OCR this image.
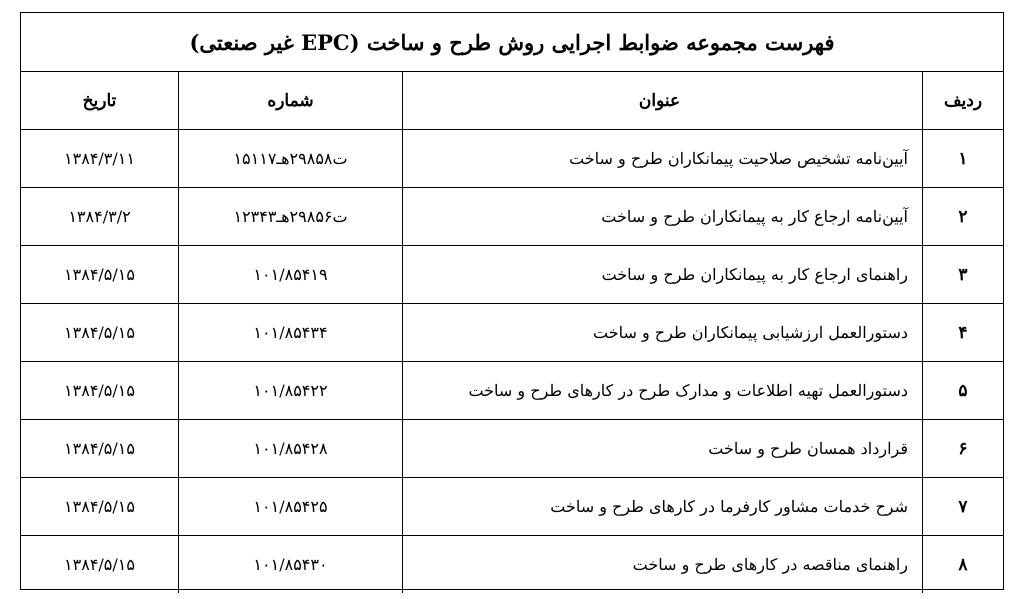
فهرست مجموعه ضوابط اجرایی روش طرح و ساخت (EPC غیر صنعتی)
ردیف	عنوان	شماره	تاریخ
۱	آیین‌نامه تشخیص صلاحیت پیمانکاران طرح و ساخت	۱۵۱۱۷ت۲۹۸۵۸هـ	۱۳۸۴/۳/۱۱
۲	آیین‌نامه ارجاع کار به پیمانکاران طرح و ساخت	۱۲۳۴۳ت۲۹۸۵۶هـ	۱۳۸۴/۳/۲
۳	راهنمای ارجاع کار به پیمانکاران طرح و ساخت	۱۰۱/۸۵۴۱۹	۱۳۸۴/۵/۱۵
۴	دستورالعمل ارزشیابی پیمانکاران طرح و ساخت	۱۰۱/۸۵۴۳۴	۱۳۸۴/۵/۱۵
۵	دستورالعمل تهیه اطلاعات و مدارک طرح در کارهای طرح و ساخت	۱۰۱/۸۵۴۲۲	۱۳۸۴/۵/۱۵
۶	قرارداد همسان طرح و ساخت	۱۰۱/۸۵۴۲۸	۱۳۸۴/۵/۱۵
۷	شرح خدمات مشاور کارفرما در کارهای طرح و ساخت	۱۰۱/۸۵۴۲۵	۱۳۸۴/۵/۱۵
۸	راهنمای مناقصه در کارهای طرح و ساخت	۱۰۱/۸۵۴۳۰	۱۳۸۴/۵/۱۵
